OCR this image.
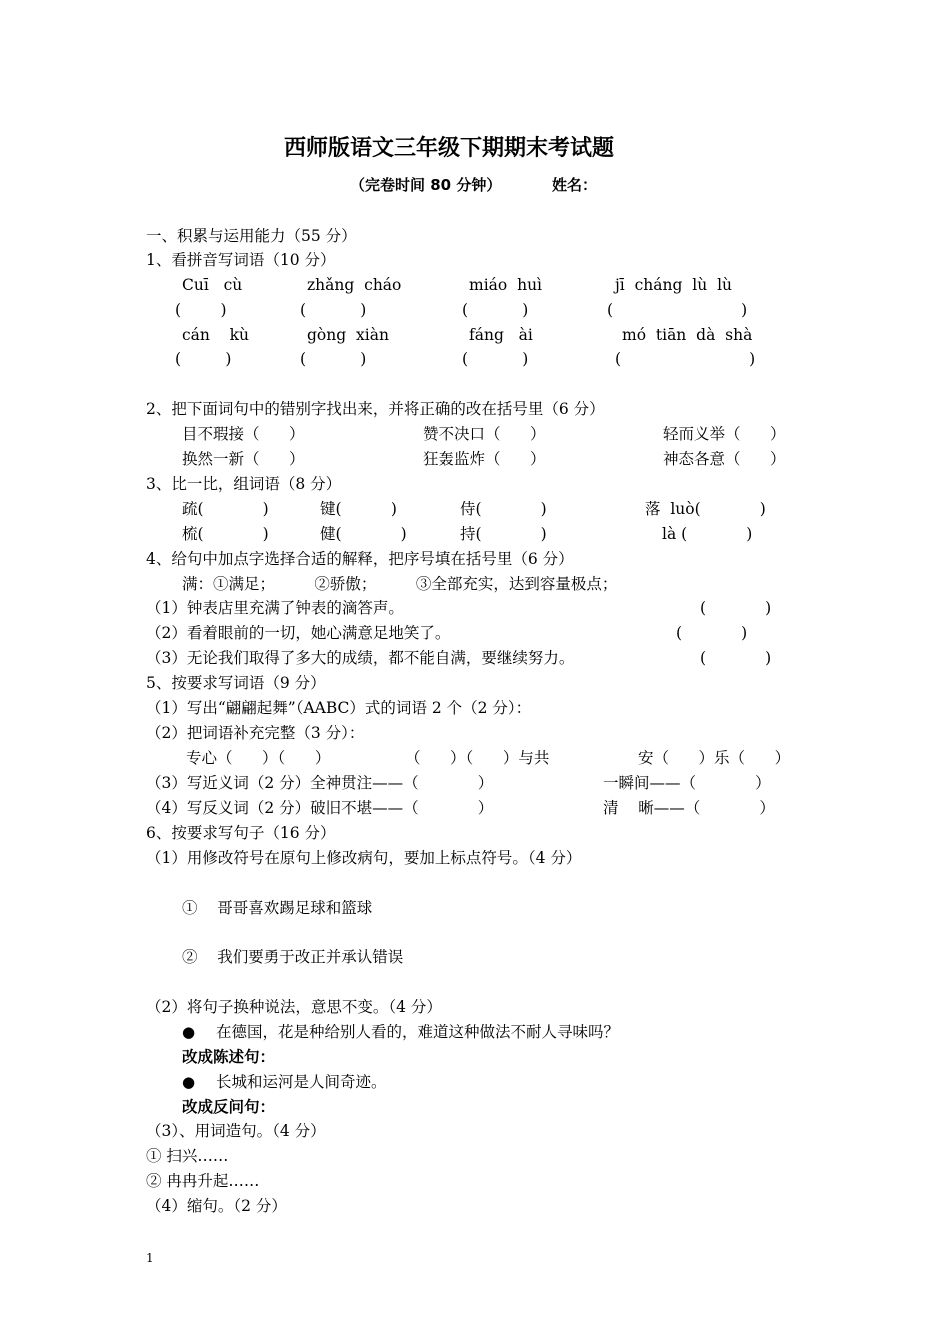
西师版语文三年级下期期末考试题
（完卷时间 80 分钟）	姓名：
一、积累与运用能力（55 分）
1、看拼音写词语（10 分）
Cuī   cù	zhǎng  cháo	miáo  huì	jī  cháng  lù  lù
(        )	(           )	(           )	(                          )
cán    kù	gòng  xiàn	fáng   ài	mó  tiān  dà  shà
(         )	(           )	(           )	(                          )
2、把下面词句中的错别字找出来，并将正确的改在括号里（6 分）
目不瑕接（      ）	赞不决口（      ）	轻而义举（      ）
换然一新（      ）	狂轰监炸（      ）	神态各意（      ）
3、比一比，组词语（8 分）
疏(            )	键(          )	侍(            )	落  luò(            )
梳(            )	健(            )	持(            )	là (            )
4、给句中加点字选择合适的解释，把序号填在括号里（6 分）
满：①满足；        ②骄傲；        ③全部充实，达到容量极点；
（1）钟表店里充满了钟表的滴答声。	(            )
（2）看着眼前的一切，她心满意足地笑了。	(            )
（3）无论我们取得了多大的成绩，都不能自满，要继续努力。	(            )
5、按要求写词语（9 分）
（1）写出“翩翩起舞”（AABC）式的词语 2 个（2 分）：
（2）把词语补充完整（3 分）：
专心（      ）（      ）	（      ）（      ）与共	安（      ）乐（      ）
（3）写近义词（2 分）全神贯注——（            ）	一瞬间——（            ）
（4）写反义词（2 分）破旧不堪——（            ）	清    晰——（            ）
6、按要求写句子（16 分）
（1）用修改符号在原句上修改病句，要加上标点符号。（4 分）
①    哥哥喜欢踢足球和篮球
②    我们要勇于改正并承认错误
（2）将句子换种说法，意思不变。（4 分）
● 在德国，花是种给别人看的，难道这种做法不耐人寻味吗？
改成陈述句：
● 长城和运河是人间奇迹。
改成反问句：
（3）、用词造句。（4 分）
① 扫兴……
② 冉冉升起……
（4）缩句。（2 分）
1
